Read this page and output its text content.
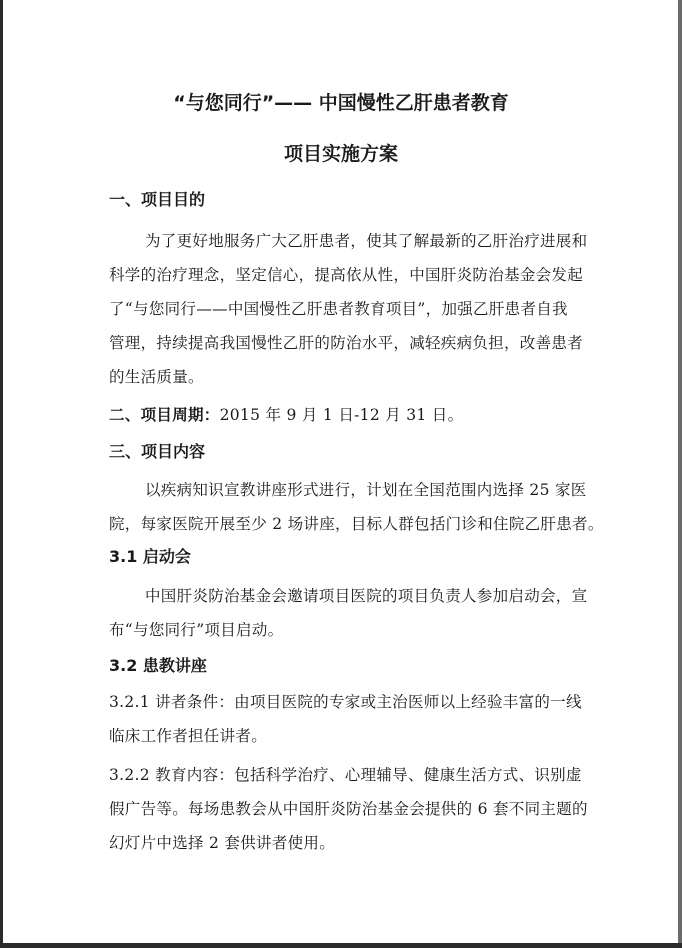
“与您同行”—— 中国慢性乙肝患者教育
项目实施方案

一、项目目的

为了更好地服务广大乙肝患者，使其了解最新的乙肝治疗进展和

科学的治疗理念，坚定信心，提高依从性，中国肝炎防治基金会发起

了“与您同行——中国慢性乙肝患者教育项目”，加强乙肝患者自我

管理，持续提高我国慢性乙肝的防治水平，减轻疾病负担，改善患者

的生活质量。

二、项目周期：2015 年 9 月 1 日-12 月 31 日。

三、项目内容

以疾病知识宣教讲座形式进行，计划在全国范围内选择 25 家医

院，每家医院开展至少 2 场讲座，目标人群包括门诊和住院乙肝患者。

3.1 启动会

中国肝炎防治基金会邀请项目医院的项目负责人参加启动会，宣

布“与您同行”项目启动。

3.2 患教讲座

3.2.1 讲者条件：由项目医院的专家或主治医师以上经验丰富的一线

临床工作者担任讲者。

3.2.2 教育内容：包括科学治疗、心理辅导、健康生活方式、识别虚

假广告等。每场患教会从中国肝炎防治基金会提供的 6 套不同主题的

幻灯片中选择 2 套供讲者使用。
